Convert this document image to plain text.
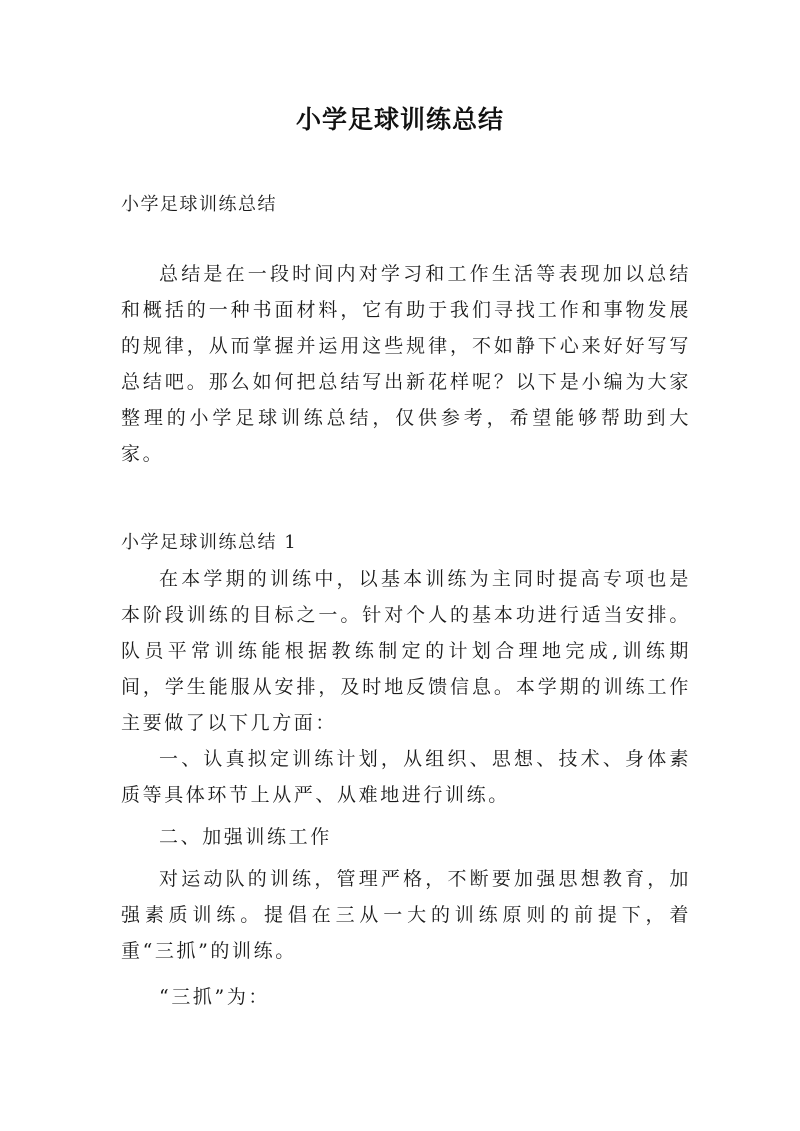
小学足球训练总结
小学足球训练总结

总结是在一段时间内对学习和工作生活等表现加以总结和概括的一种书面材料，它有助于我们寻找工作和事物发展的规律，从而掌握并运用这些规律，不如静下心来好好写写总结吧。那么如何把总结写出新花样呢？以下是小编为大家整理的小学足球训练总结，仅供参考，希望能够帮助到大家。

小学足球训练总结 1

在本学期的训练中，以基本训练为主同时提高专项也是本阶段训练的目标之一。针对个人的基本功进行适当安排。队员平常训练能根据教练制定的计划合理地完成,训练期间，学生能服从安排，及时地反馈信息。本学期的训练工作主要做了以下几方面：

一、认真拟定训练计划，从组织、思想、技术、身体素质等具体环节上从严、从难地进行训练。

二、加强训练工作

对运动队的训练，管理严格，不断要加强思想教育，加强素质训练。提倡在三从一大的训练原则的前提下，着重“三抓”的训练。

“三抓”为：
